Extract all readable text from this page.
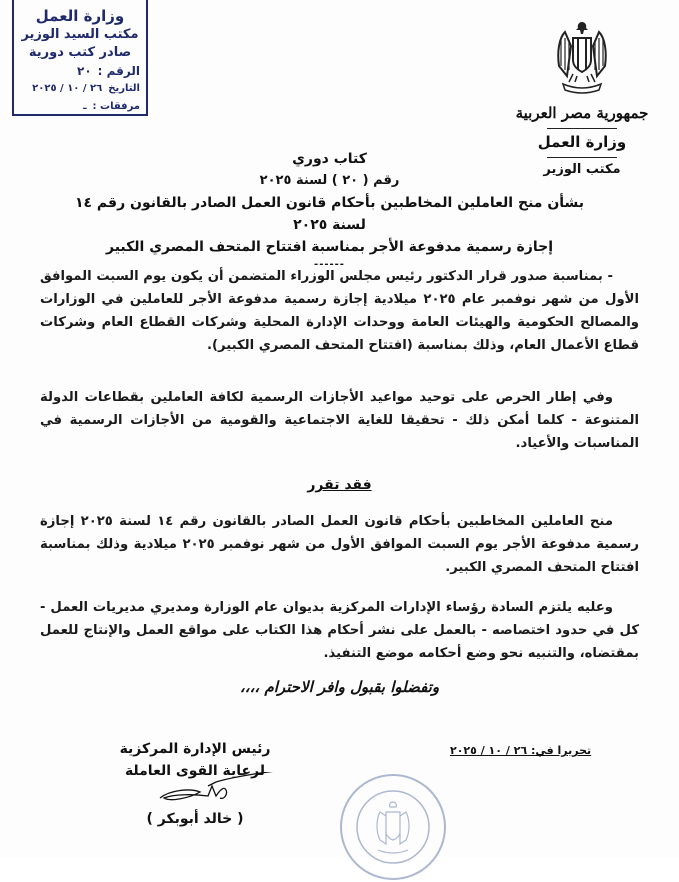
وزارة العمل
مكتب السيد الوزير
صادر كتب دورية
الرقم :
٢٠
التاريخ
٢٦ / ١٠ / ٢٠٢٥
مرفقات :
ـ	جمهورية مصر العربية
وزارة العمل
مكتب الوزير
كتاب دوري
رقم ( ٢٠ ) لسنة ٢٠٢٥
بشأن منح العاملين المخاطبين بأحكام قانون العمل الصادر بالقانون رقم ١٤ لسنة ٢٠٢٥
إجازة رسمية مدفوعة الأجر بمناسبة افتتاح المتحف المصري الكبير
------
- بمناسبة صدور قرار الدكتور رئيس مجلس الوزراء المتضمن أن يكون يوم السبت الموافق الأول من شهر نوفمبر عام ٢٠٢٥ ميلادية إجازة رسمية مدفوعة الأجر للعاملين في الوزارات والمصالح الحكومية والهيئات العامة ووحدات الإدارة المحلية وشركات القطاع العام وشركات قطاع الأعمال العام، وذلك بمناسبة (افتتاح المتحف المصري الكبير).
وفي إطار الحرص على توحيد مواعيد الأجازات الرسمية لكافة العاملين بقطاعات الدولة المتنوعة - كلما أمكن ذلك - تحقيقا للغاية الاجتماعية والقومية من الأجازات الرسمية في المناسبات والأعياد.
فقد تقرر
منح العاملين المخاطبين بأحكام قانون العمل الصادر بالقانون رقم ١٤ لسنة ٢٠٢٥ إجازة رسمية مدفوعة الأجر يوم السبت الموافق الأول من شهر نوفمبر ٢٠٢٥ ميلادية وذلك بمناسبة افتتاح المتحف المصري الكبير.
وعليه يلتزم السادة رؤساء الإدارات المركزية بديوان عام الوزارة ومديري مديريات العمل - كل في حدود اختصاصه - بالعمل على نشر أحكام هذا الكتاب على مواقع العمل والإنتاج للعمل بمقتضاه، والتنبيه نحو وضع أحكامه موضع التنفيذ.
وتفضلوا بقبول وافر الاحترام ،،،،
تحريرا في: ٢٦ / ١٠ / ٢٠٢٥
رئيس الإدارة المركزية
لرعاية القوى العاملة
( خالد أبوبكر )
